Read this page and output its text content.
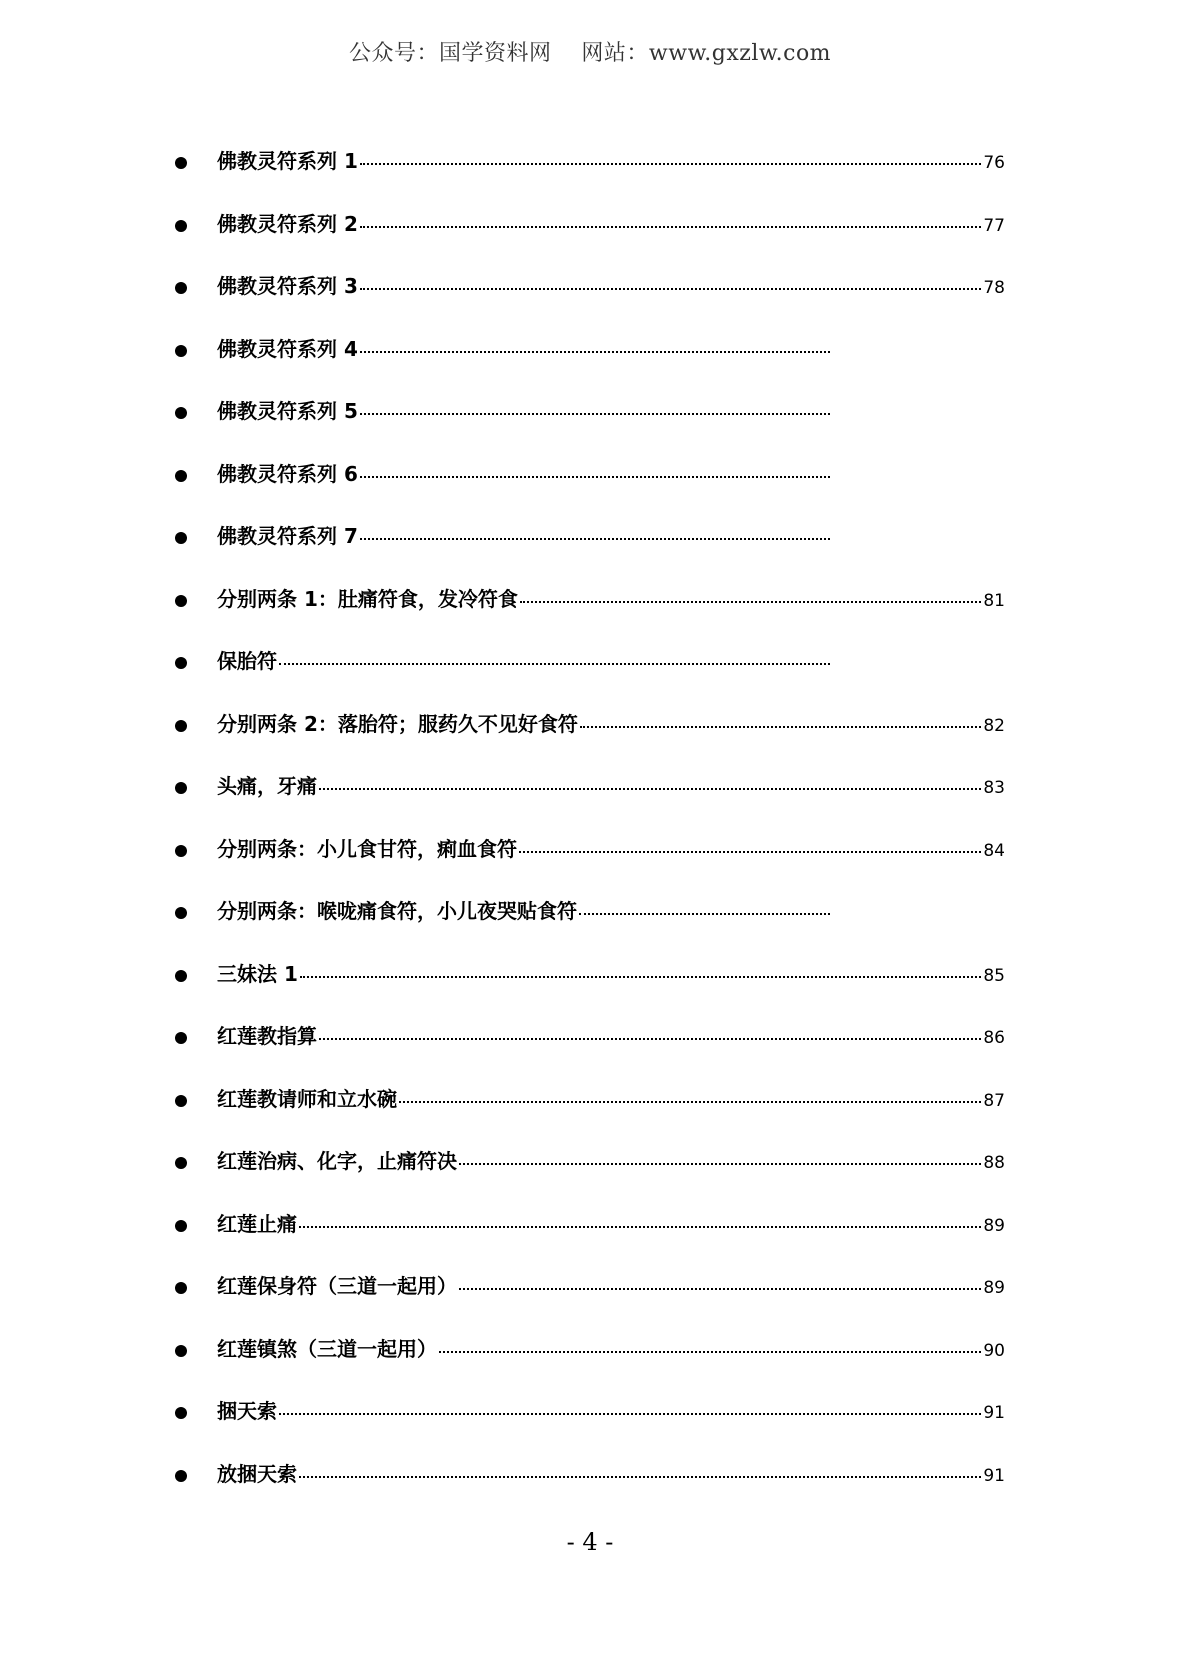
公众号：国学资料网    网站：www.gxzlw.com
佛教灵符系列 1	76
佛教灵符系列 2	77
佛教灵符系列 3	78
佛教灵符系列 4
佛教灵符系列 5
佛教灵符系列 6
佛教灵符系列 7
分别两条 1：肚痛符食，发冷符食	81
保胎符
分别两条 2：落胎符；服药久不见好食符	82
头痛，牙痛	83
分别两条：小儿食甘符，痢血食符	84
分别两条：喉咙痛食符，小儿夜哭贴食符
三妹法 1	85
红莲教指算	86
红莲教请师和立水碗	87
红莲治病、化字，止痛符决	88
红莲止痛	89
红莲保身符（三道一起用）	89
红莲镇煞（三道一起用）	90
捆天索	91
放捆天索	91
- 4 -
